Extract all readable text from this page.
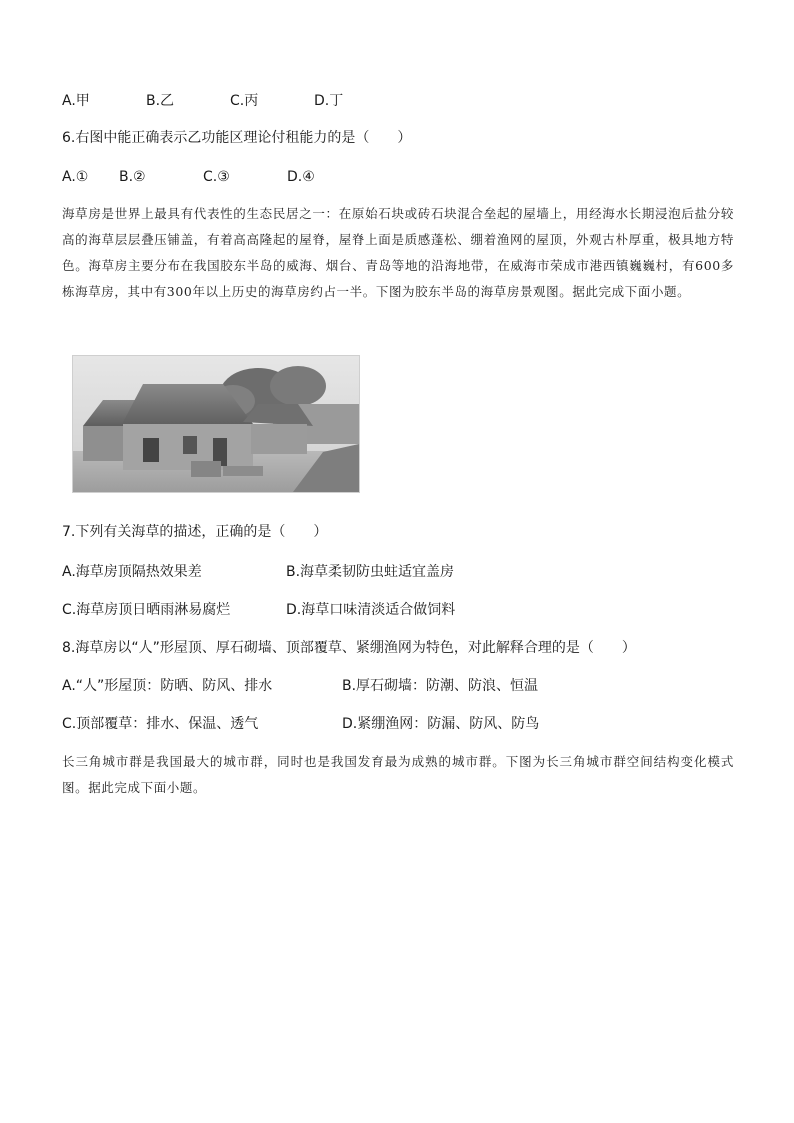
A.甲	B.乙	C.丙	D.丁
6.右图中能正确表示乙功能区理论付租能力的是（　　）
A.① B.②	C.③	D.④
海草房是世界上最具有代表性的生态民居之一：在原始石块或砖石块混合垒起的屋墙上，用经海水长期浸泡后盐分较高的海草层层叠压铺盖，有着高高隆起的屋脊，屋脊上面是质感蓬松、绷着渔网的屋顶，外观古朴厚重，极具地方特色。海草房主要分布在我国胶东半岛的威海、烟台、青岛等地的沿海地带，在威海市荣成市港西镇巍巍村，有600多栋海草房，其中有300年以上历史的海草房约占一半。下图为胶东半岛的海草房景观图。据此完成下面小题。
7.下列有关海草的描述，正确的是（　　）
A.海草房顶隔热效果差	B.海草柔韧防虫蛀适宜盖房
C.海草房顶日晒雨淋易腐烂	D.海草口味清淡适合做饲料
8.海草房以“人”形屋顶、厚石砌墙、顶部覆草、紧绷渔网为特色，对此解释合理的是（　　）
A.“人”形屋顶：防晒、防风、排水	B.厚石砌墙：防潮、防浪、恒温
C.顶部覆草：排水、保温、透气	D.紧绷渔网：防漏、防风、防鸟
长三角城市群是我国最大的城市群，同时也是我国发育最为成熟的城市群。下图为长三角城市群空间结构变化模式图。据此完成下面小题。
